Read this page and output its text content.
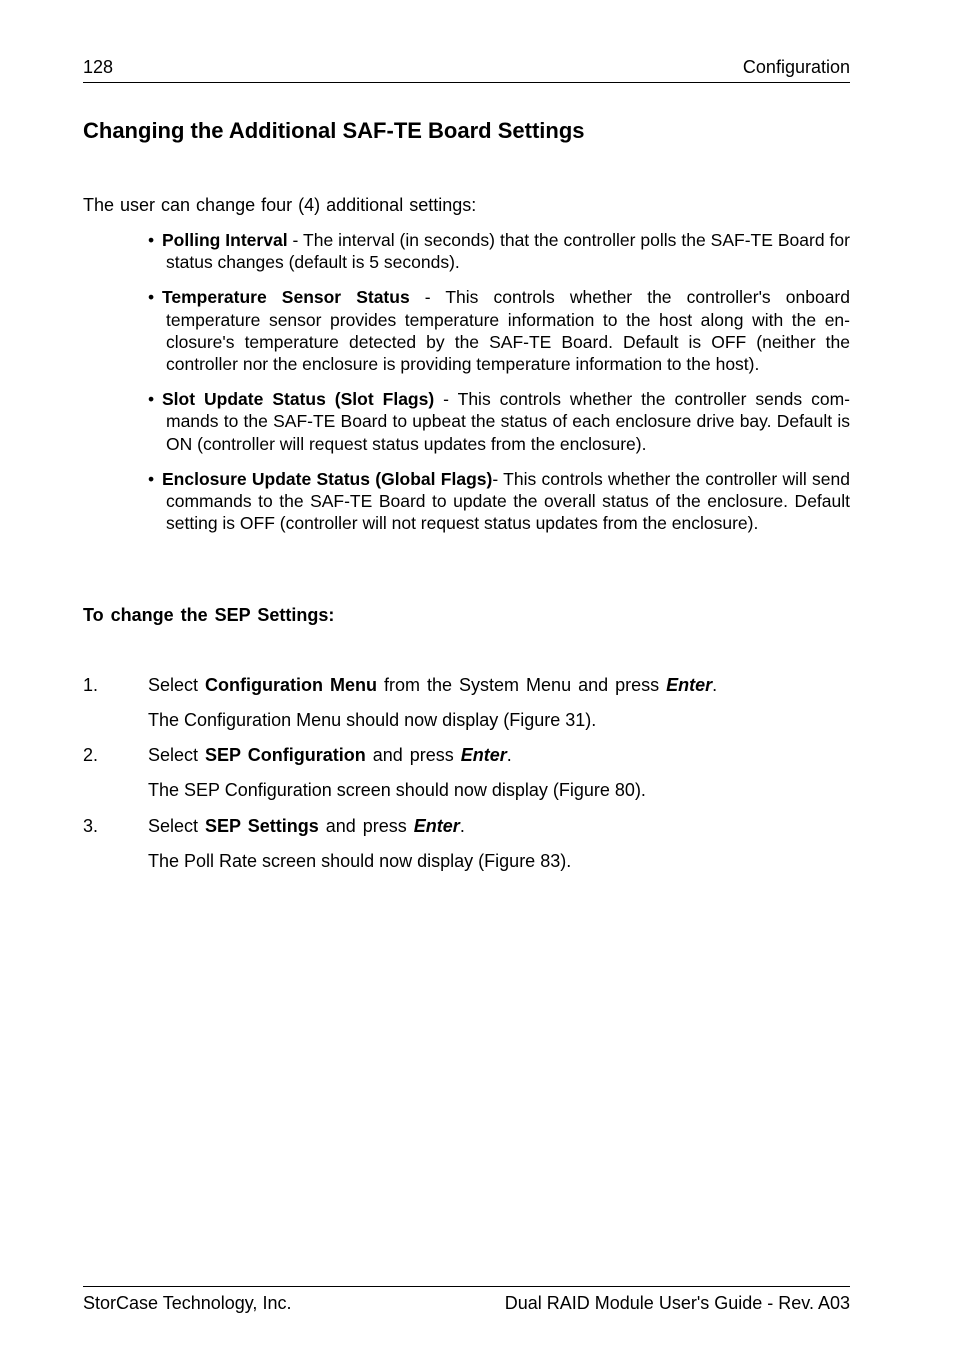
128	Configuration
Changing the Additional SAF-TE Board Settings
The user can change four (4) additional settings:
• Polling Interval - The interval (in seconds) that the controller polls the SAF-TE Board for status changes (default is 5 seconds).
• Temperature Sensor Status - This controls whether the controller's onboard temperature sensor provides temperature information to the host along with the en-closure's temperature detected by the SAF-TE Board. Default is OFF (neither the controller nor the enclosure is providing temperature information to the host).
• Slot Update Status (Slot Flags) - This controls whether the controller sends com-mands to the SAF-TE Board to upbeat the status of each enclosure drive bay. Default is ON (controller will request status updates from the enclosure).
• Enclosure Update Status (Global Flags)- This controls whether the controller will send commands to the SAF-TE Board to update the overall status of the enclosure. Default setting is OFF (controller will not request status updates from the enclosure).
To change the SEP Settings:
1.	Select Configuration Menu from the System Menu and press Enter.
The Configuration Menu should now display (Figure 31).
2.	Select SEP Configuration and press Enter.
The SEP Configuration screen should now display (Figure 80).
3.	Select SEP Settings and press Enter.
The Poll Rate screen should now display (Figure 83).
StorCase Technology, Inc.	Dual RAID Module User's Guide - Rev. A03
